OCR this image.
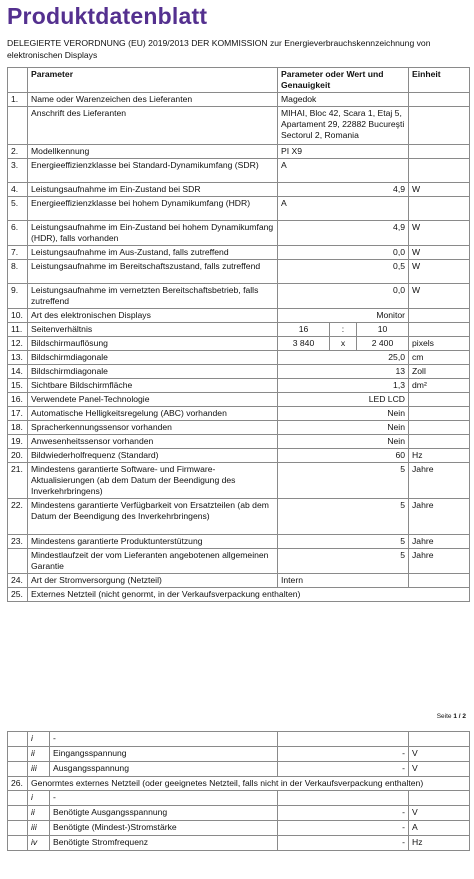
Produktdatenblatt

DELEGIERTE VERORDNUNG (EU) 2019/2013 DER KOMMISSION zur Energieverbrauchskennzeichnung von elektronischen Displays

	Parameter	Parameter oder Wert und Genauigkeit	Einheit
1.	Name oder Warenzeichen des Lieferanten	Magedok	
	Anschrift des Lieferanten	MIHAI, Bloc 42, Scara 1, Etaj 5, Apartament 29, 22882 Bucureşti Sectorul 2, Romania	
2.	Modellkennung	PI X9	
3.	Energieeffizienzklasse bei Standard-Dynamikumfang (SDR)	A	
4.	Leistungsaufnahme im Ein-Zustand bei SDR	4,9	W
5.	Energieeffizienzklasse bei hohem Dynamikumfang (HDR)	A	
6.	Leistungsaufnahme im Ein-Zustand bei hohem Dynamikumfang (HDR), falls vorhanden	4,9	W
7.	Leistungsaufnahme im Aus-Zustand, falls zutreffend	0,0	W
8.	Leistungsaufnahme im Bereitschaftszustand, falls zutreffend	0,5	W
9.	Leistungsaufnahme im vernetzten Bereitschaftsbetrieb, falls zutreffend	0,0	W
10.	Art des elektronischen Displays	Monitor	
11.	Seitenverhältnis	16 : 10	

12.	Bildschirmauflösung	3 840 x 2 400	pixels
13.	Bildschirmdiagonale	25,0	cm
14.	Bildschirmdiagonale	13	Zoll
15.	Sichtbare Bildschirmfläche	1,3	dm²
16.	Verwendete Panel-Technologie	LED LCD	
17.	Automatische Helligkeitsregelung (ABC) vorhanden	Nein	
18.	Spracherkennungssensor vorhanden	Nein	
19.	Anwesenheitssensor vorhanden	Nein	
20.	Bildwiederholfrequenz (Standard)	60	Hz
21.	Mindestens garantierte Software- und Firmware-Aktualisierungen (ab dem Datum der Beendigung des Inverkehrbringens)	5	Jahre
22.	Mindestens garantierte Verfügbarkeit von Ersatzteilen (ab dem Datum der Beendigung des Inverkehrbringens)	5	Jahre
23.	Mindestens garantierte Produktunterstützung	5	Jahre
	Mindestlaufzeit der vom Lieferanten angebotenen allgemeinen Garantie	5	Jahre
24.	Art der Stromversorgung (Netzteil)	Intern	
25.	Externes Netzteil (nicht genormt, in der Verkaufsverpackung enthalten)		
Seite 1 / 2
	i	-		
	ii	Eingangsspannung	-	V
	iii	Ausgangsspannung	-	V
26.	Genormtes externes Netzteil (oder geeignetes Netzteil, falls nicht in der Verkaufsverpackung enthalten)			
	i	-		
	ii	Benötigte Ausgangsspannung	-	V
	iii	Benötigte (Mindest-)Stromstärke	-	A
	iv	Benötigte Stromfrequenz	-	Hz
